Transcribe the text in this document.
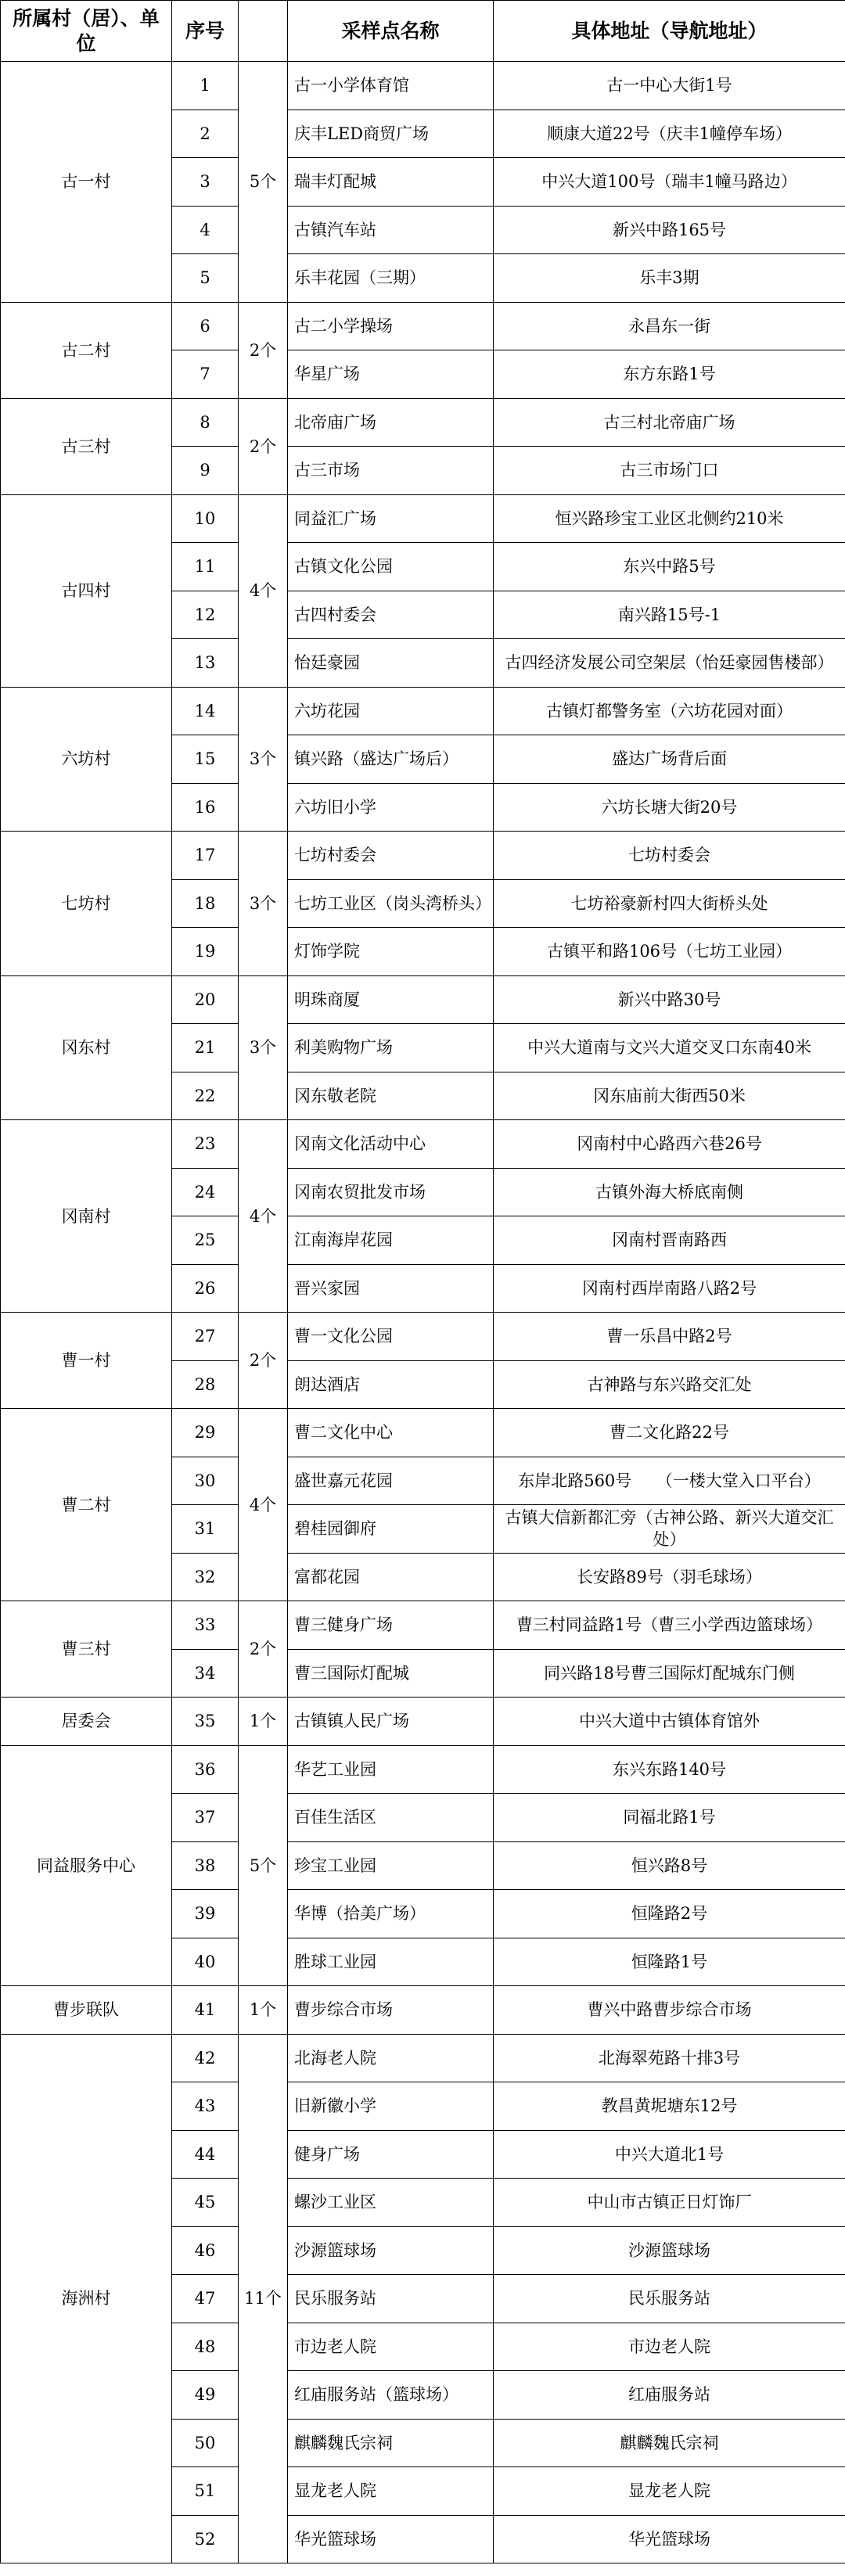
所属村（居）、单位	序号		采样点名称	具体地址（导航地址）
古一村	1	5个	古一小学体育馆	古一中心大街1号
	2		庆丰LED商贸广场	顺康大道22号（庆丰1幢停车场）
	3		瑞丰灯配城	中兴大道100号（瑞丰1幢马路边）
	4		古镇汽车站	新兴中路165号
	5		乐丰花园（三期）	乐丰3期
古二村	6	2个	古二小学操场	永昌东一街
	7		华星广场	东方东路1号
古三村	8	2个	北帝庙广场	古三村北帝庙广场
	9		古三市场	古三市场门口
古四村	10	4个	同益汇广场	恒兴路珍宝工业区北侧约210米
	11		古镇文化公园	东兴中路5号
	12		古四村委会	南兴路15号-1
	13		怡廷豪园	古四经济发展公司空架层（怡廷豪园售楼部）
六坊村	14	3个	六坊花园	古镇灯都警务室（六坊花园对面）
	15		镇兴路（盛达广场后）	盛达广场背后面
	16		六坊旧小学	六坊长塘大街20号
七坊村	17	3个	七坊村委会	七坊村委会
	18		七坊工业区（岗头湾桥头）	七坊裕豪新村四大街桥头处
	19		灯饰学院	古镇平和路106号（七坊工业园）
冈东村	20	3个	明珠商厦	新兴中路30号
	21		利美购物广场	中兴大道南与文兴大道交叉口东南40米
	22		冈东敬老院	冈东庙前大街西50米
冈南村	23	4个	冈南文化活动中心	冈南村中心路西六巷26号
	24		冈南农贸批发市场	古镇外海大桥底南侧
	25		江南海岸花园	冈南村晋南路西
	26		晋兴家园	冈南村西岸南路八路2号
曹一村	27	2个	曹一文化公园	曹一乐昌中路2号
	28		朗达酒店	古神路与东兴路交汇处
曹二村	29	4个	曹二文化中心	曹二文化路22号
	30		盛世嘉元花园	东岸北路560号　　（一楼大堂入口平台）
	31		碧桂园御府	古镇大信新都汇旁（古神公路、新兴大道交汇处）
	32		富都花园	长安路89号（羽毛球场）
曹三村	33	2个	曹三健身广场	曹三村同益路1号（曹三小学西边篮球场）
	34		曹三国际灯配城	同兴路18号曹三国际灯配城东门侧
居委会	35	1个	古镇镇人民广场	中兴大道中古镇体育馆外
同益服务中心	36	5个	华艺工业园	东兴东路140号
	37		百佳生活区	同福北路1号
	38		珍宝工业园	恒兴路8号
	39		华博（拾美广场）	恒隆路2号
	40		胜球工业园	恒隆路1号
曹步联队	41	1个	曹步综合市场	曹兴中路曹步综合市场
海洲村	42	11个	北海老人院	北海翠苑路十排3号
	43		旧新徽小学	教昌黄坭塘东12号
	44		健身广场	中兴大道北1号
	45		螺沙工业区	中山市古镇正日灯饰厂
	46		沙源篮球场	沙源篮球场
	47		民乐服务站	民乐服务站
	48		市边老人院	市边老人院
	49		红庙服务站（篮球场）	红庙服务站
	50		麒麟魏氏宗祠	麒麟魏氏宗祠
	51		显龙老人院	显龙老人院
	52		华光篮球场	华光篮球场
